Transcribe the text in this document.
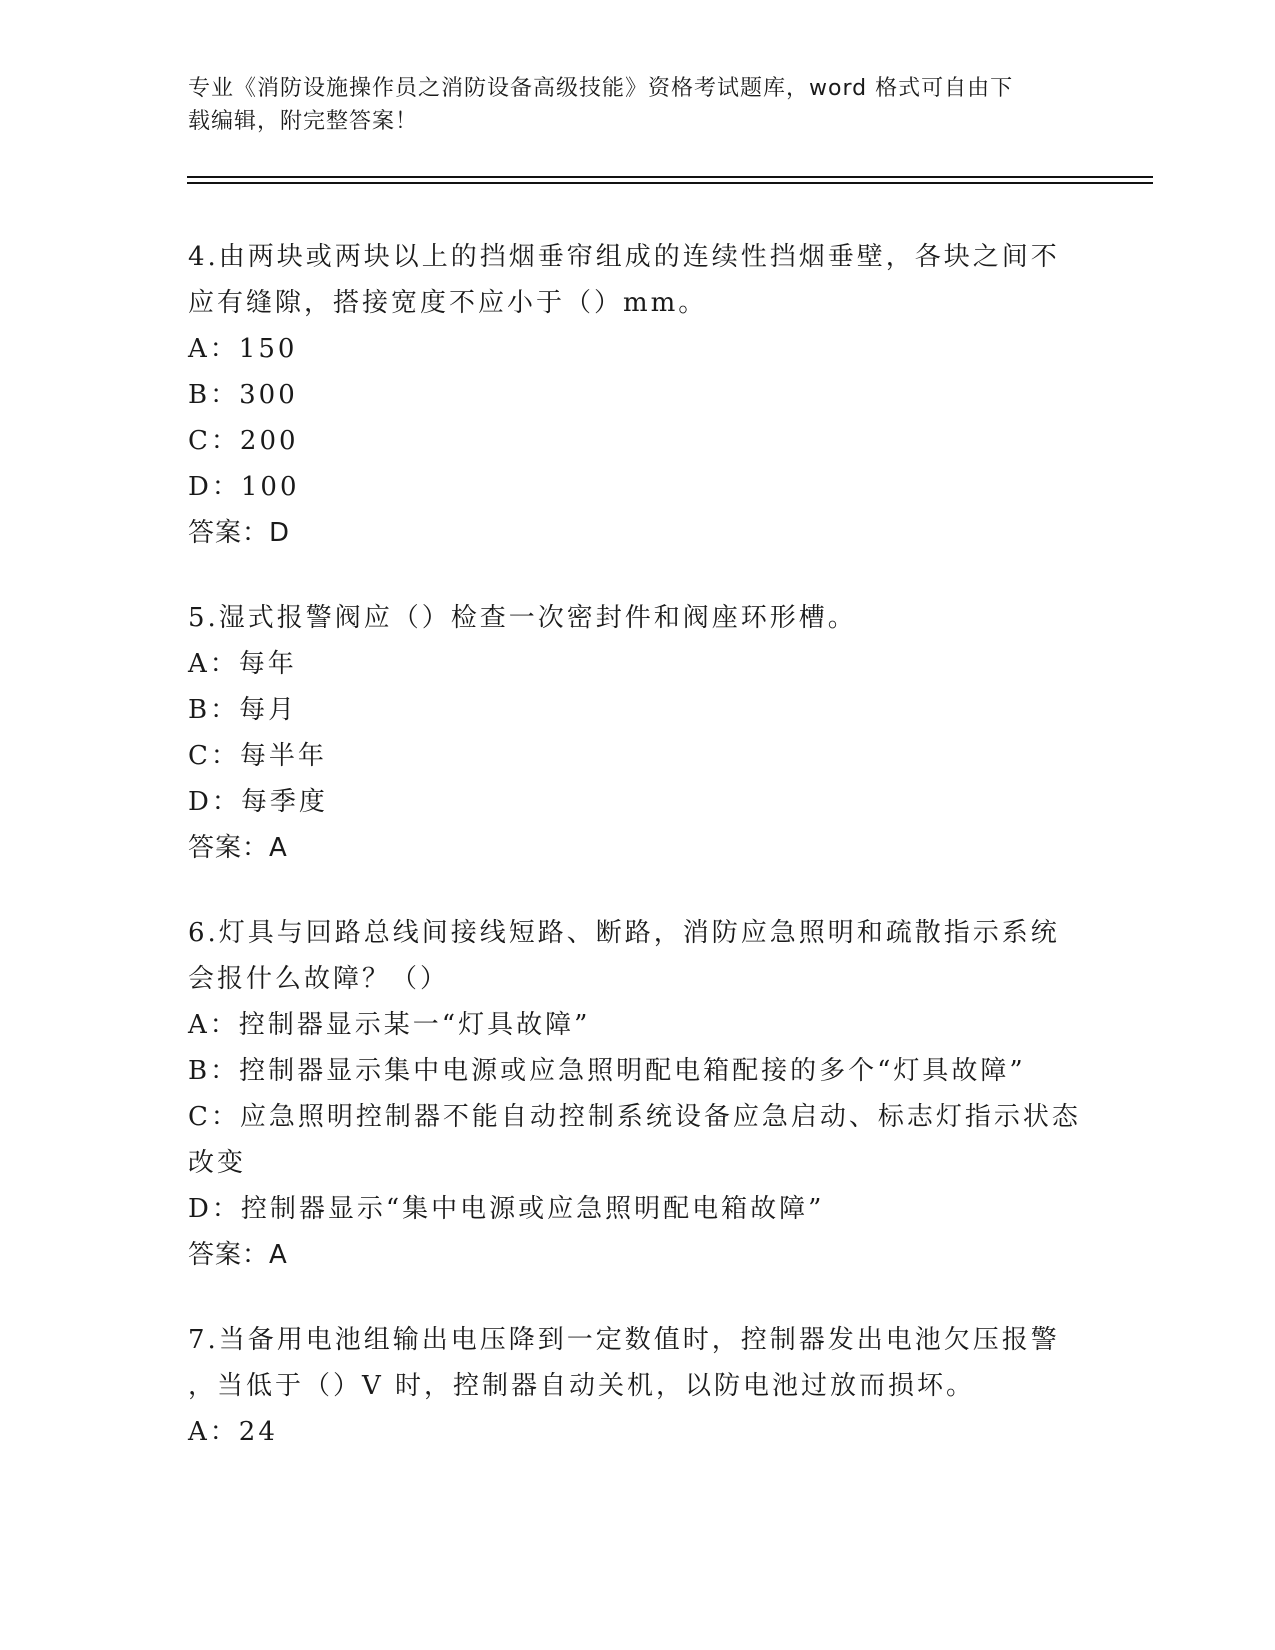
专业《消防设施操作员之消防设备高级技能》资格考试题库，word 格式可自由下

载编辑，附完整答案！

4.由两块或两块以上的挡烟垂帘组成的连续性挡烟垂壁，各块之间不

应有缝隙，搭接宽度不应小于（）mm。

A：150

B：300

C：200

D：100

答案：D

5.湿式报警阀应（）检查一次密封件和阀座环形槽。

A：每年

B：每月

C：每半年

D：每季度

答案：A

6.灯具与回路总线间接线短路、断路，消防应急照明和疏散指示系统

会报什么故障？（）

A：控制器显示某一“灯具故障”

B：控制器显示集中电源或应急照明配电箱配接的多个“灯具故障”

C：应急照明控制器不能自动控制系统设备应急启动、标志灯指示状态

改变

D：控制器显示“集中电源或应急照明配电箱故障”

答案：A

7.当备用电池组输出电压降到一定数值时，控制器发出电池欠压报警

，当低于（）V 时，控制器自动关机，以防电池过放而损坏。

A：24
